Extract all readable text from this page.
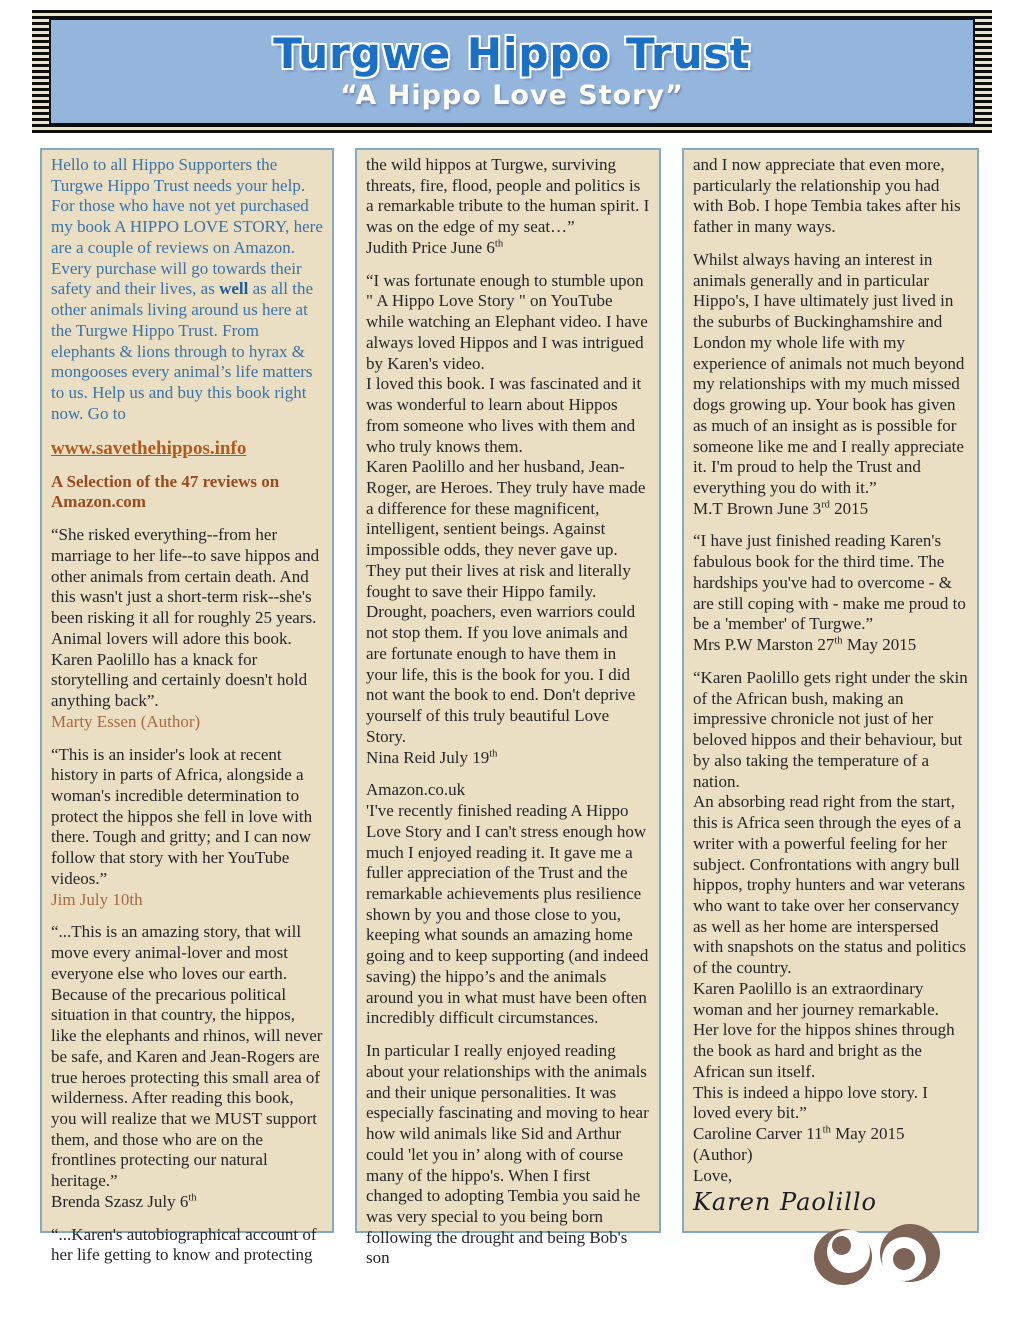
Turgwe Hippo Trust
“A Hippo Love Story”

Hello to all Hippo Supporters the Turgwe Hippo Trust needs your help. For those who have not yet purchased my book A HIPPO LOVE STORY, here are a couple of reviews on Amazon. Every purchase will go towards their safety and their lives, as well as all the other animals living around us here at the Turgwe Hippo Trust. From elephants & lions through to hyrax & mongooses every animal’s life matters to us. Help us and buy this book right now. Go to

www.savethehippos.info

A Selection of the 47 reviews on Amazon.com

“She risked everything--from her marriage to her life--to save hippos and other animals from certain death. And this wasn't just a short-term risk--she's been risking it all for roughly 25 years. Animal lovers will adore this book. Karen Paolillo has a knack for storytelling and certainly doesn't hold anything back”.

Marty Essen (Author)

“This is an insider's look at recent history in parts of Africa, alongside a woman's incredible determination to protect the hippos she fell in love with there. Tough and gritty; and I can now follow that story with her YouTube videos.”

Jim July 10th

“...This is an amazing story, that will move every animal-lover and most everyone else who loves our earth. Because of the precarious political situation in that country, the hippos, like the elephants and rhinos, will never be safe, and Karen and Jean-Rogers are true heroes protecting this small area of wilderness. After reading this book, you will realize that we MUST support them, and those who are on the frontlines protecting our natural heritage.”

Brenda Szasz July 6th

“...Karen's autobiographical account of her life getting to know and protecting

the wild hippos at Turgwe, surviving threats, fire, flood, people and politics is a remarkable tribute to the human spirit. I was on the edge of my seat…”

Judith Price June 6th

“I was fortunate enough to stumble upon " A Hippo Love Story " on YouTube while watching an Elephant video. I have always loved Hippos and I was intrigued by Karen's video.
I loved this book. I was fascinated and it was wonderful to learn about Hippos from someone who lives with them and who truly knows them.
Karen Paolillo and her husband, Jean-Roger, are Heroes. They truly have made a difference for these magnificent, intelligent, sentient beings. Against impossible odds, they never gave up. They put their lives at risk and literally fought to save their Hippo family. Drought, poachers, even warriors could not stop them. If you love animals and are fortunate enough to have them in your life, this is the book for you. I did not want the book to end. Don't deprive yourself of this truly beautiful Love Story.

Nina Reid July 19th

Amazon.co.uk
'I've recently finished reading A Hippo Love Story and I can't stress enough how much I enjoyed reading it. It gave me a fuller appreciation of the Trust and the remarkable achievements plus resilience shown by you and those close to you, keeping what sounds an amazing home going and to keep supporting (and indeed saving) the hippo’s and the animals around you in what must have been often incredibly difficult circumstances.

In particular I really enjoyed reading about your relationships with the animals and their unique personalities. It was especially fascinating and moving to hear how wild animals like Sid and Arthur could 'let you in’ along with of course many of the hippo's. When I first changed to adopting Tembia you said he was very special to you being born following the drought and being Bob's son

and I now appreciate that even more, particularly the relationship you had with Bob. I hope Tembia takes after his father in many ways.

Whilst always having an interest in animals generally and in particular Hippo's, I have ultimately just lived in the suburbs of Buckinghamshire and London my whole life with my experience of animals not much beyond my relationships with my much missed dogs growing up. Your book has given as much of an insight as is possible for someone like me and I really appreciate it. I'm proud to help the Trust and everything you do with it.”

M.T Brown June 3rd 2015

“I have just finished reading Karen's fabulous book for the third time. The hardships you've had to overcome - & are still coping with - make me proud to be a 'member' of Turgwe.”

Mrs P.W Marston 27th May 2015

“Karen Paolillo gets right under the skin of the African bush, making an impressive chronicle not just of her beloved hippos and their behaviour, but by also taking the temperature of a nation.
An absorbing read right from the start, this is Africa seen through the eyes of a writer with a powerful feeling for her subject. Confrontations with angry bull hippos, trophy hunters and war veterans who want to take over her conservancy as well as her home are interspersed with snapshots on the status and politics of the country.
Karen Paolillo is an extraordinary woman and her journey remarkable. Her love for the hippos shines through the book as hard and bright as the African sun itself.
This is indeed a hippo love story. I loved every bit.”

Caroline Carver 11th May 2015

(Author)

Love,

Karen Paolillo
